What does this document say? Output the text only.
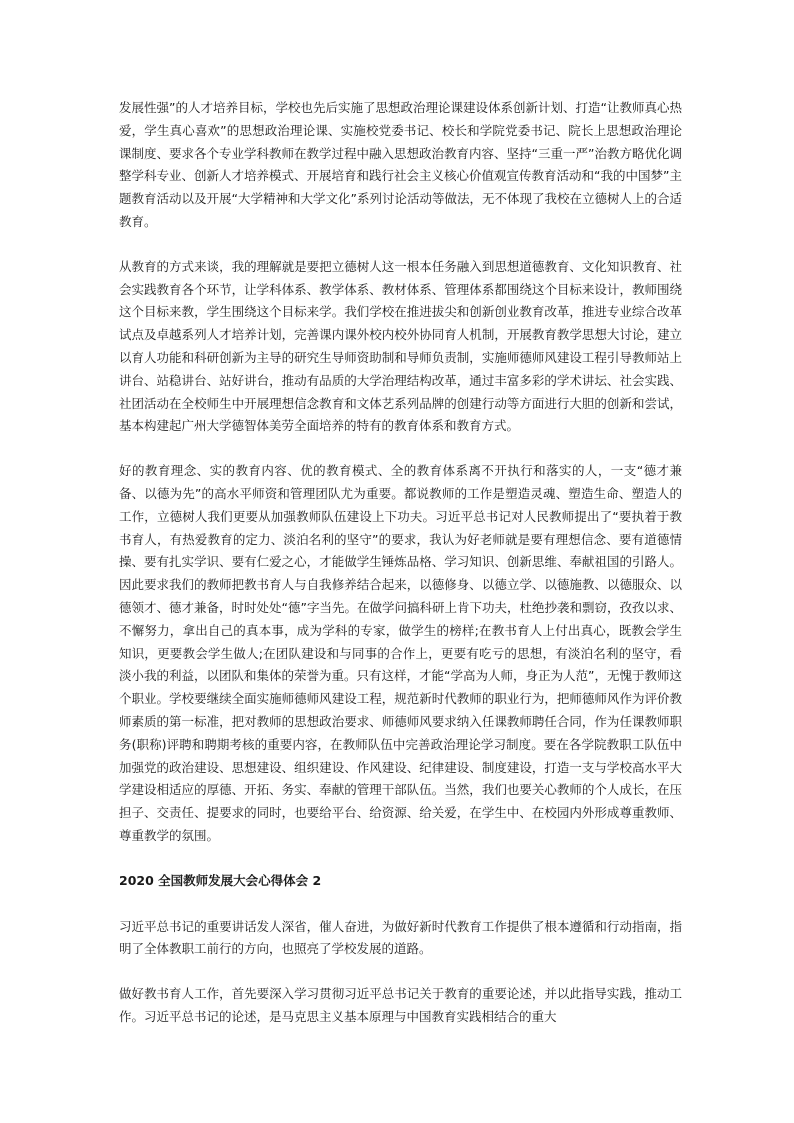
发展性强”的人才培养目标，学校也先后实施了思想政治理论课建设体系创新计划、打造“让教师真心热爱，学生真心喜欢”的思想政治理论课、实施校党委书记、校长和学院党委书记、院长上思想政治理论课制度、要求各个专业学科教师在教学过程中融入思想政治教育内容、坚持“三重一严”治教方略优化调整学科专业、创新人才培养模式、开展培育和践行社会主义核心价值观宣传教育活动和“我的中国梦”主题教育活动以及开展“大学精神和大学文化”系列讨论活动等做法，无不体现了我校在立德树人上的合适教育。

从教育的方式来谈，我的理解就是要把立德树人这一根本任务融入到思想道德教育、文化知识教育、社会实践教育各个环节，让学科体系、教学体系、教材体系、管理体系都围绕这个目标来设计，教师围绕这个目标来教，学生围绕这个目标来学。我们学校在推进拔尖和创新创业教育改革，推进专业综合改革试点及卓越系列人才培养计划，完善课内课外校内校外协同育人机制，开展教育教学思想大讨论，建立以育人功能和科研创新为主导的研究生导师资助制和导师负责制，实施师德师风建设工程引导教师站上讲台、站稳讲台、站好讲台，推动有品质的大学治理结构改革，通过丰富多彩的学术讲坛、社会实践、社团活动在全校师生中开展理想信念教育和文体艺系列品牌的创建行动等方面进行大胆的创新和尝试，基本构建起广州大学德智体美劳全面培养的特有的教育体系和教育方式。

好的教育理念、实的教育内容、优的教育模式、全的教育体系离不开执行和落实的人，一支“德才兼备、以德为先”的高水平师资和管理团队尤为重要。都说教师的工作是塑造灵魂、塑造生命、塑造人的工作，立德树人我们更要从加强教师队伍建设上下功夫。习近平总书记对人民教师提出了“要执着于教书育人，有热爱教育的定力、淡泊名利的坚守”的要求，我认为好老师就是要有理想信念、要有道德情操、要有扎实学识、要有仁爱之心，才能做学生锤炼品格、学习知识、创新思维、奉献祖国的引路人。因此要求我们的教师把教书育人与自我修养结合起来，以德修身、以德立学、以德施教、以德服众、以德领才、德才兼备，时时处处“德”字当先。在做学问搞科研上肯下功夫，杜绝抄袭和剽窃，孜孜以求、不懈努力，拿出自己的真本事，成为学科的专家，做学生的榜样;在教书育人上付出真心，既教会学生知识，更要教会学生做人;在团队建设和与同事的合作上，更要有吃亏的思想，有淡泊名利的坚守，看淡小我的利益，以团队和集体的荣誉为重。只有这样，才能“学高为人师，身正为人范”，无愧于教师这个职业。学校要继续全面实施师德师风建设工程，规范新时代教师的职业行为，把师德师风作为评价教师素质的第一标准，把对教师的思想政治要求、师德师风要求纳入任课教师聘任合同，作为任课教师职务(职称)评聘和聘期考核的重要内容，在教师队伍中完善政治理论学习制度。要在各学院教职工队伍中加强党的政治建设、思想建设、组织建设、作风建设、纪律建设、制度建设，打造一支与学校高水平大学建设相适应的厚德、开拓、务实、奉献的管理干部队伍。当然，我们也要关心教师的个人成长，在压担子、交责任、提要求的同时，也要给平台、给资源、给关爱，在学生中、在校园内外形成尊重教师、尊重教学的氛围。

2020 全国教师发展大会心得体会 2

习近平总书记的重要讲话发人深省，催人奋进，为做好新时代教育工作提供了根本遵循和行动指南，指明了全体教职工前行的方向，也照亮了学校发展的道路。

做好教书育人工作，首先要深入学习贯彻习近平总书记关于教育的重要论述，并以此指导实践，推动工作。习近平总书记的论述，是马克思主义基本原理与中国教育实践相结合的重大
